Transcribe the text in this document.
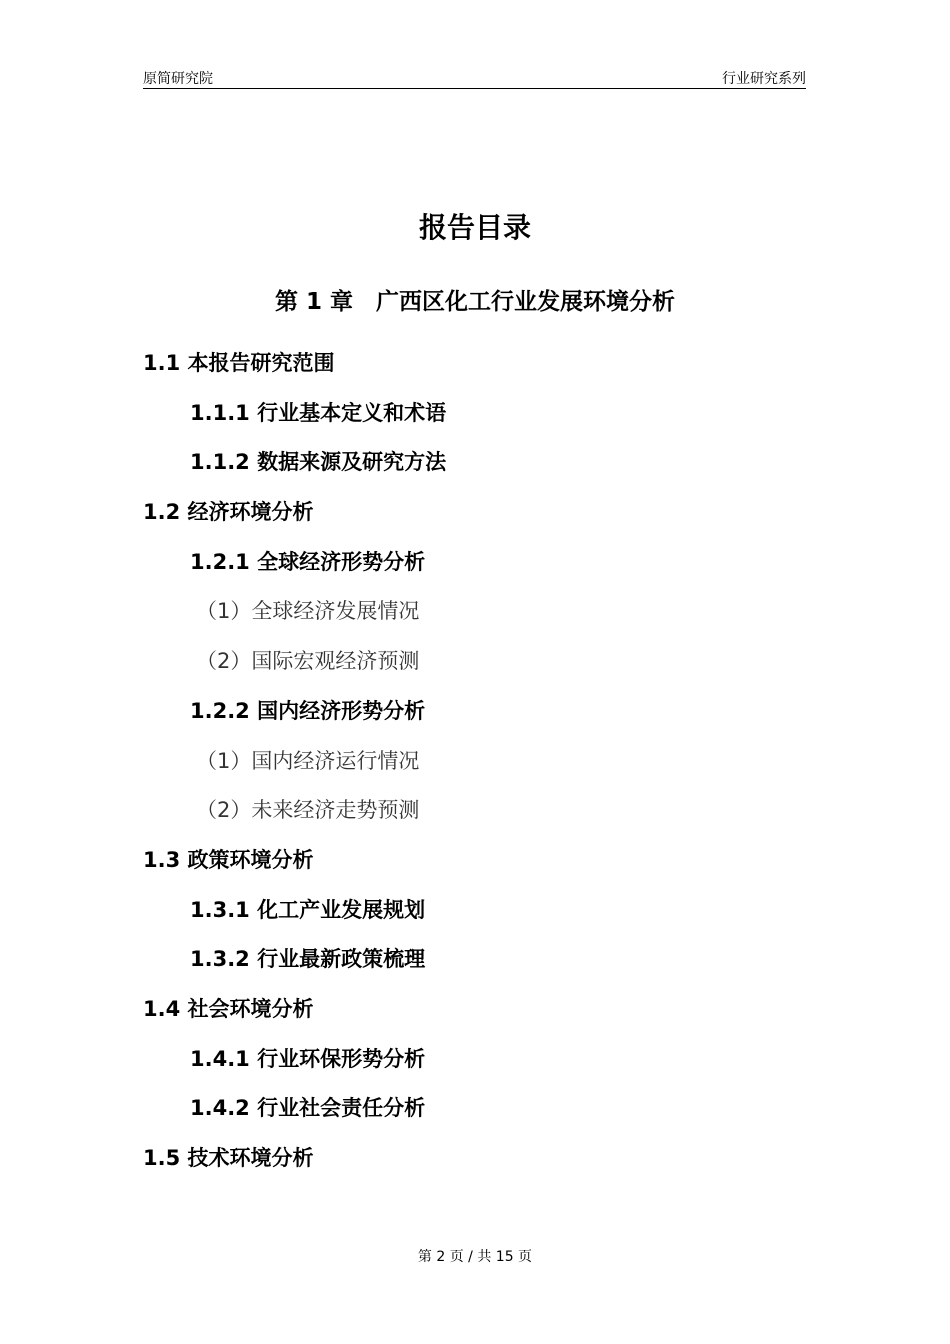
原简研究院	行业研究系列
报告目录
第 1 章　广西区化工行业发展环境分析
1.1 本报告研究范围
1.1.1 行业基本定义和术语
1.1.2 数据来源及研究方法
1.2 经济环境分析
1.2.1 全球经济形势分析
（1）全球经济发展情况
（2）国际宏观经济预测
1.2.2 国内经济形势分析
（1）国内经济运行情况
（2）未来经济走势预测
1.3 政策环境分析
1.3.1 化工产业发展规划
1.3.2 行业最新政策梳理
1.4 社会环境分析
1.4.1 行业环保形势分析
1.4.2 行业社会责任分析
1.5 技术环境分析
第 2 页 / 共 15 页
